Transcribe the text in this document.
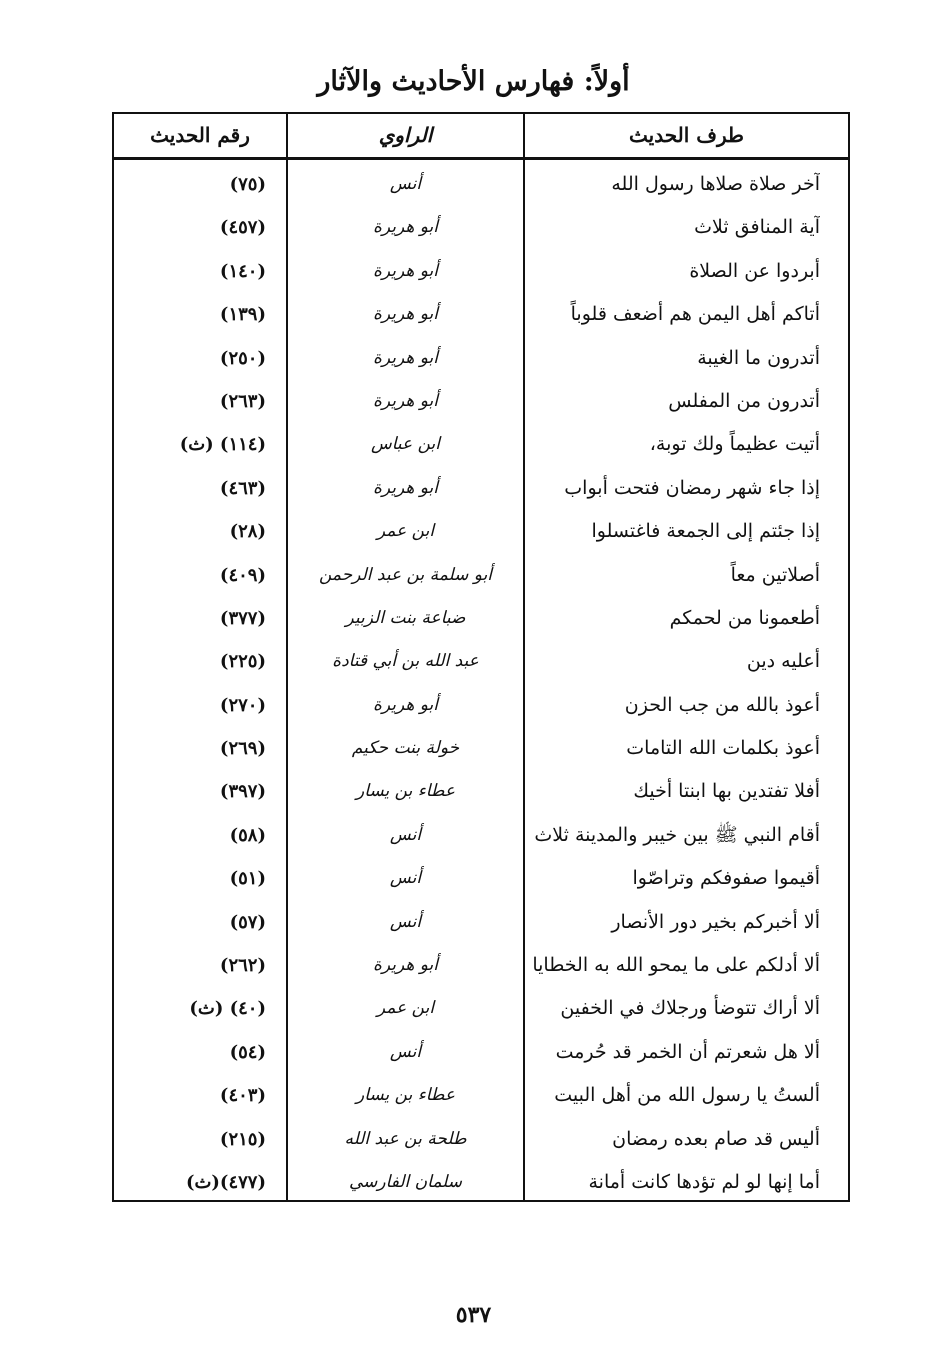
أولاً: فهارس الأحاديث والآثار
طرف الحديث
الراوي
رقم الحديث
آخر صلاة صلاها رسول الله
أنس
(٧٥)
آية المنافق ثلاث
أبو هريرة
(٤٥٧)
أبردوا عن الصلاة
أبو هريرة
(١٤٠)
أتاكم أهل اليمن هم أضعف قلوباً
أبو هريرة
(١٣٩)
أتدرون ما الغيبة
أبو هريرة
(٢٥٠)
أتدرون من المفلس
أبو هريرة
(٢٦٣)
أتيت عظيماً ولك توبة،
ابن عباس
(١١٤) (ث)
إذا جاء شهر رمضان فتحت أبواب
أبو هريرة
(٤٦٣)
إذا جئتم إلى الجمعة فاغتسلوا
ابن عمر
(٢٨)
أصلاتين معاً
أبو سلمة بن عبد الرحمن
(٤٠٩)
أطعمونا من لحمكم
ضباعة بنت الزبير
(٣٧٧)
أعليه دين
عبد الله بن أبي قتادة
(٢٢٥)
أعوذ بالله من جب الحزن
أبو هريرة
(٢٧٠)
أعوذ بكلمات الله التامات
خولة بنت حكيم
(٢٦٩)
أفلا تفتدين بها ابنتا أخيك
عطاء بن يسار
(٣٩٧)
أقام النبي ﷺ بين خيبر والمدينة ثلاث
أنس
(٥٨)
أقيموا صفوفكم وتراصّوا
أنس
(٥١)
ألا أخبركم بخير دور الأنصار
أنس
(٥٧)
ألا أدلكم على ما يمحو الله به الخطايا
أبو هريرة
(٢٦٢)
ألا أراك تتوضأ ورجلاك في الخفين
ابن عمر
(٤٠) (ث)
ألا هل شعرتم أن الخمر قد حُرمت
أنس
(٥٤)
ألستُ يا رسول الله من أهل البيت
عطاء بن يسار
(٤٠٣)
أليس قد صام بعده رمضان
طلحة بن عبد الله
(٢١٥)
أما إنها لو لم تؤدها كانت أمانة
سلمان الفارسي
(٤٧٧)(ث)
٥٣٧
